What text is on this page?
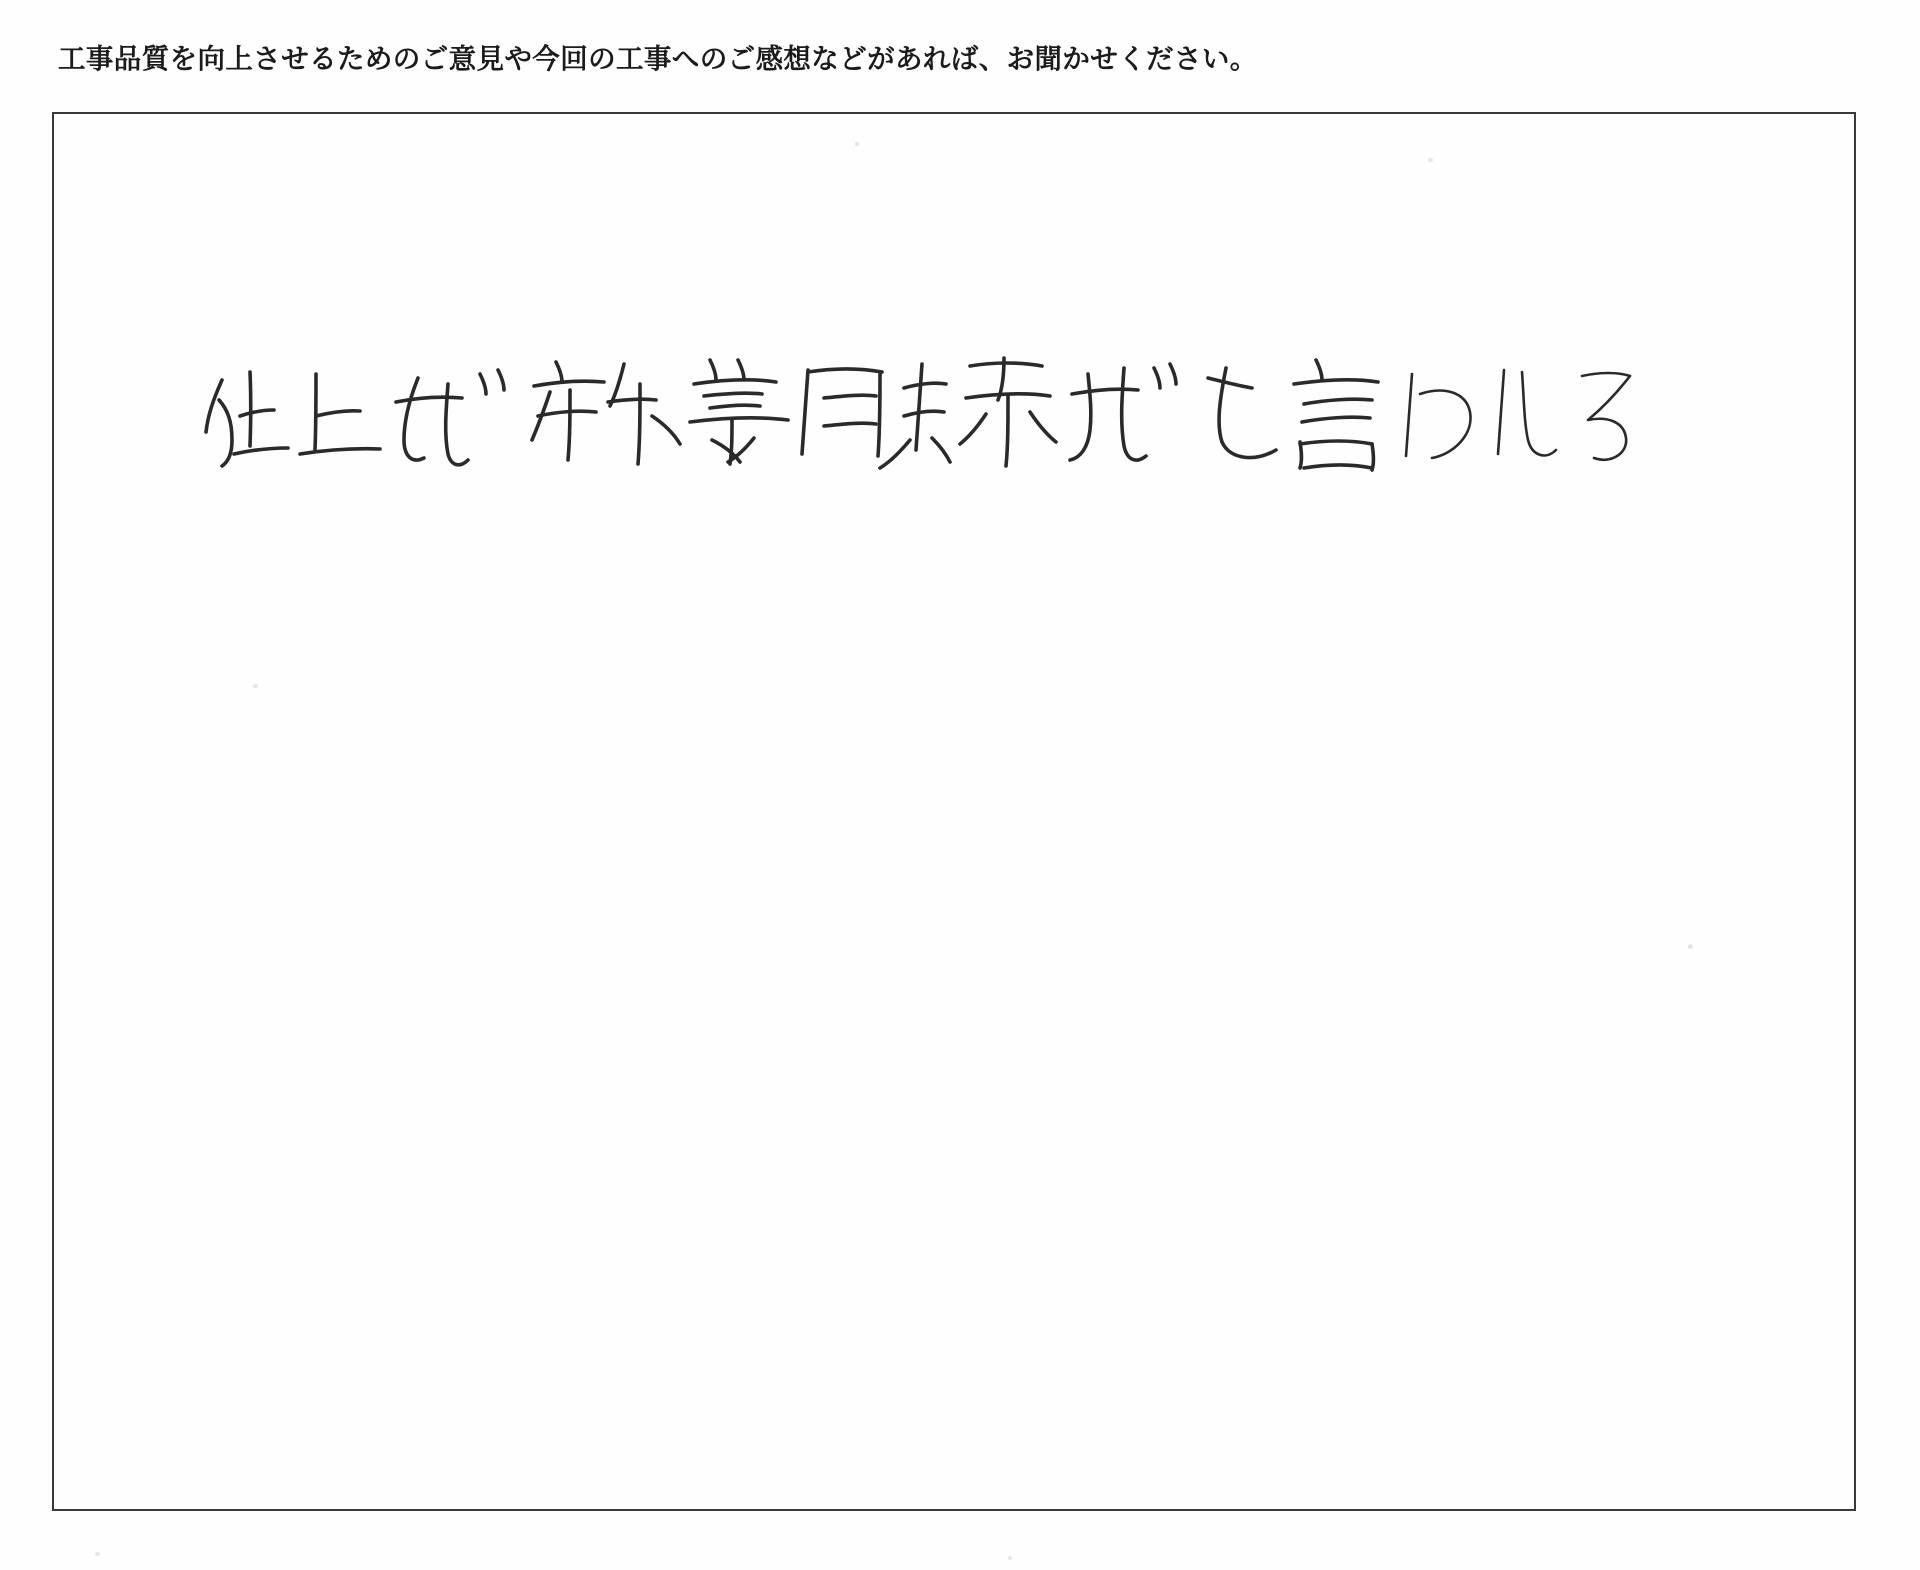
工事品質を向上させるためのご意見や今回の工事へのご感想などがあれば、お聞かせください。
